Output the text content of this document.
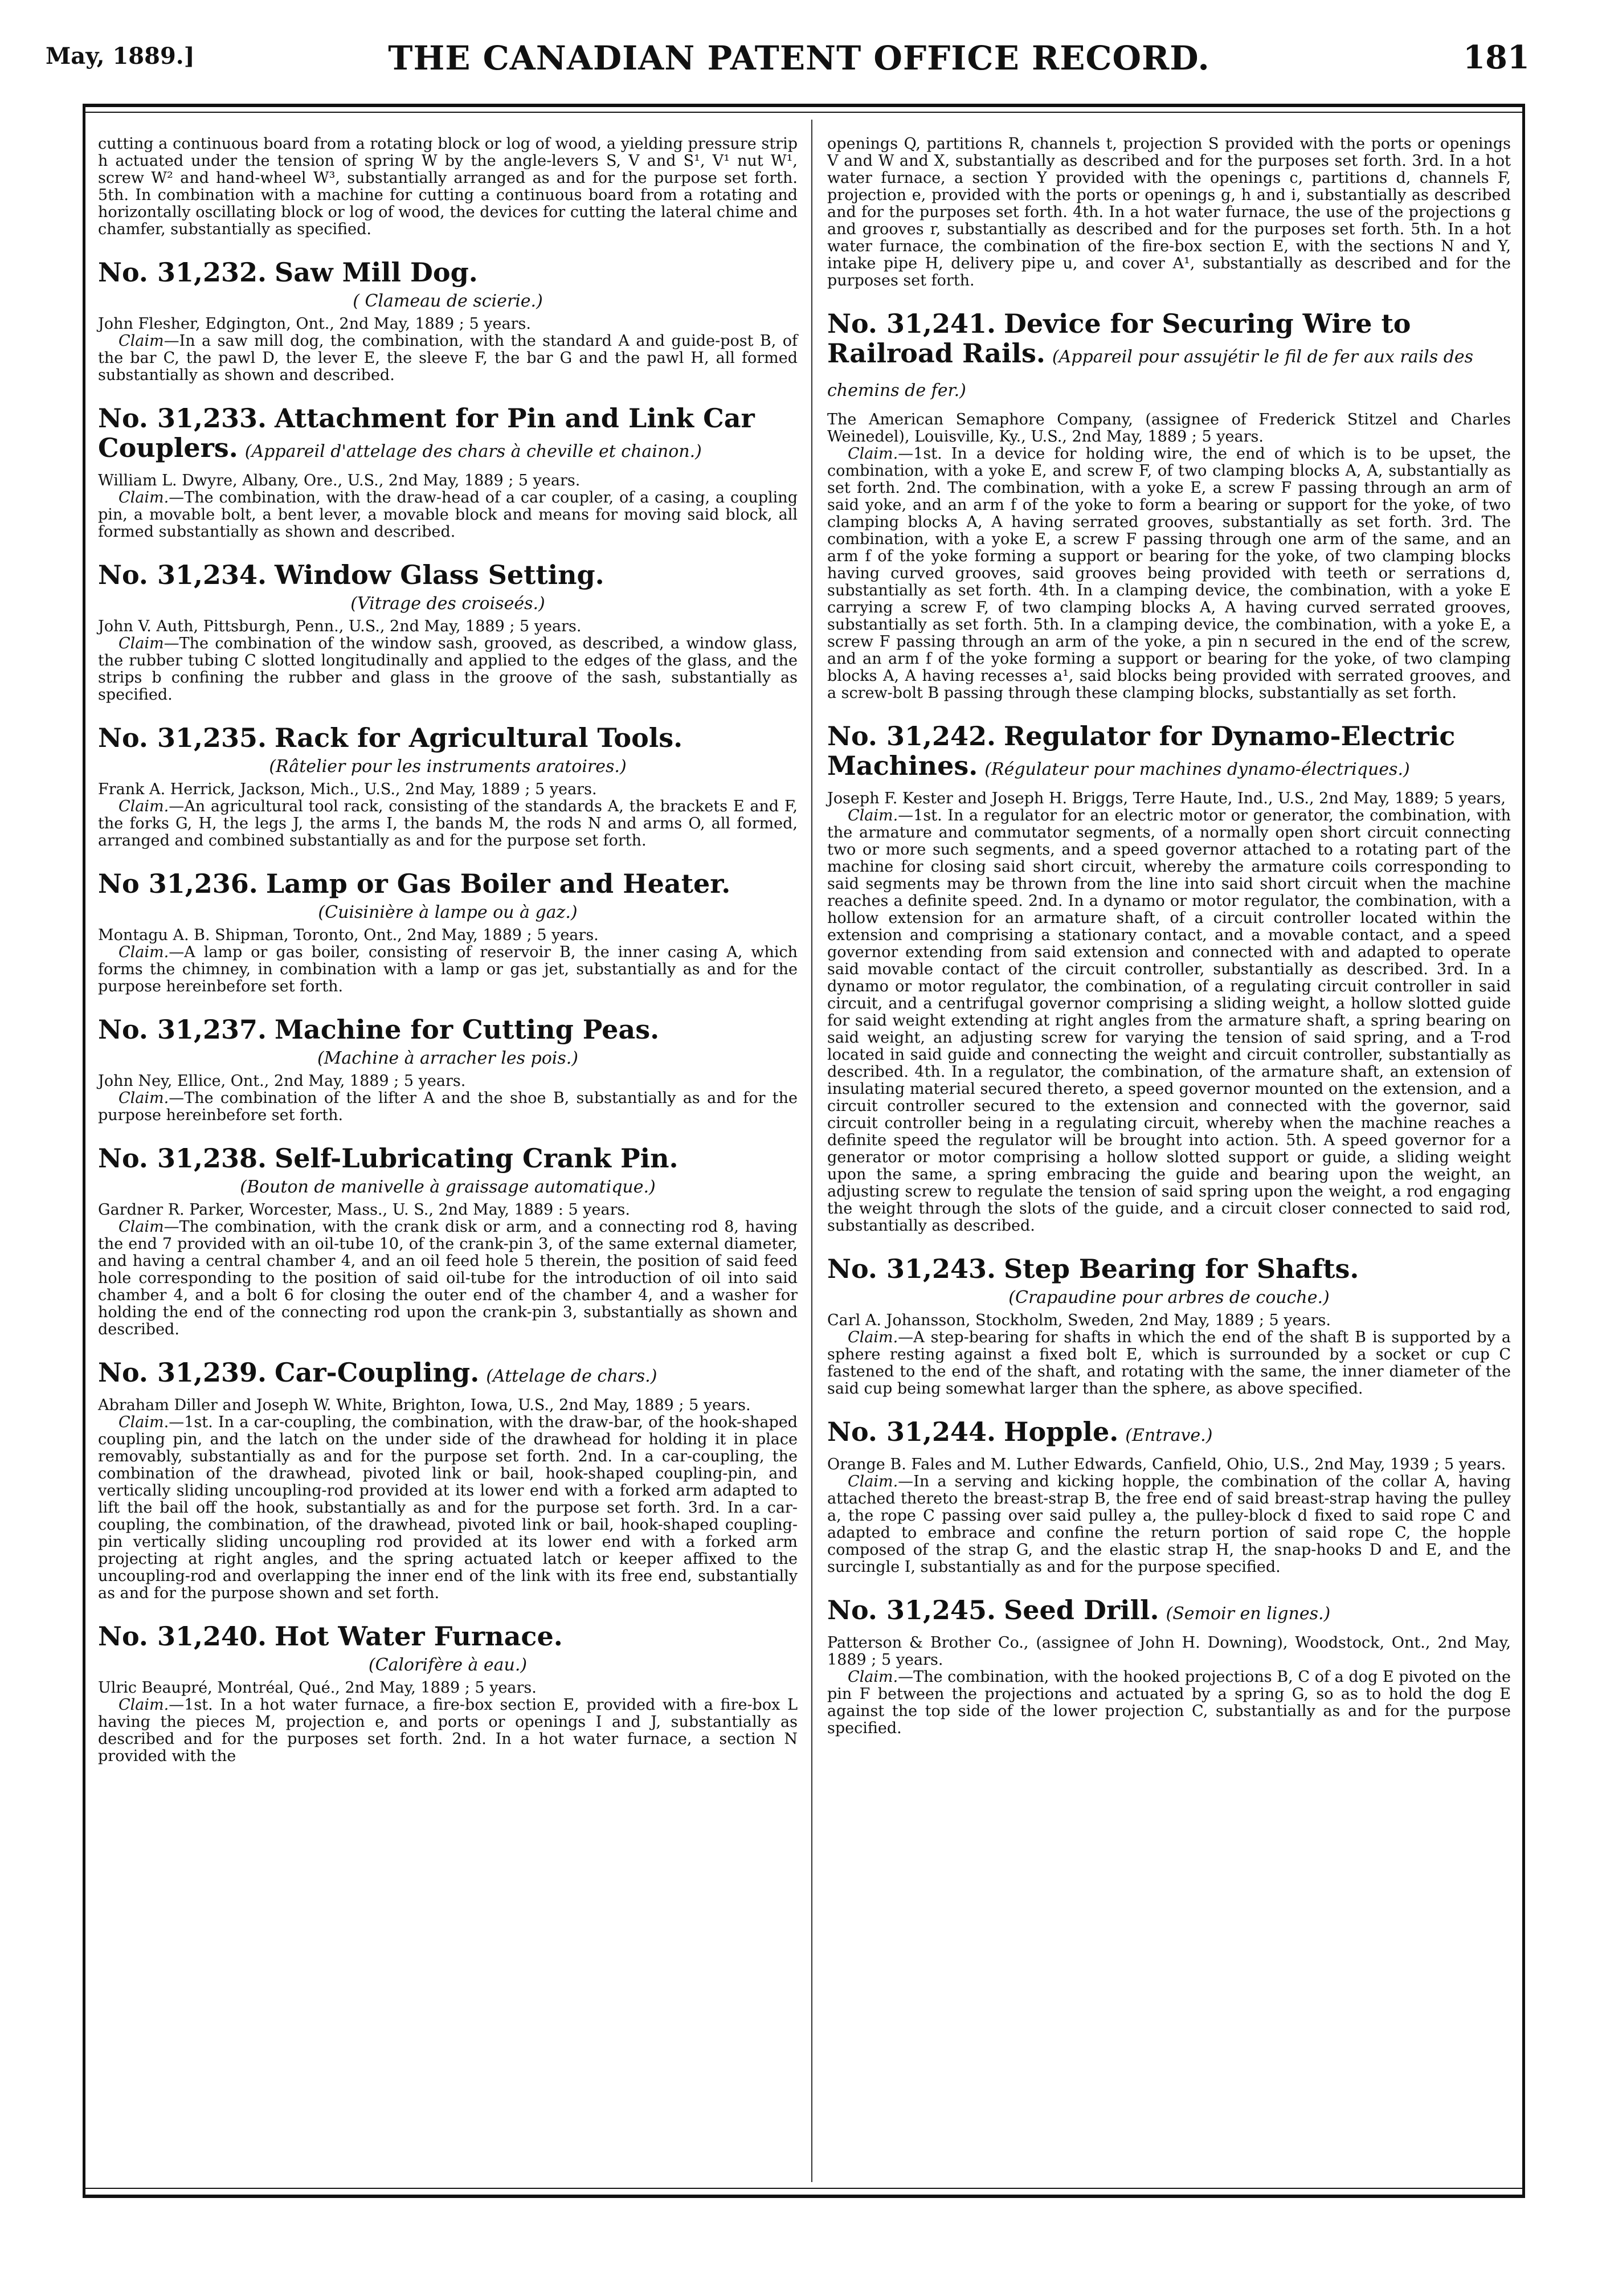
May, 1889.]	THE CANADIAN PATENT OFFICE RECORD.	181

cutting a continuous board from a rotating block or log of wood, a yielding pressure strip h actuated under the tension of spring W by the angle-levers S, V and S¹, V¹ nut W¹, screw W² and hand-wheel W³, substantially arranged as and for the purpose set forth. 5th. In combination with a machine for cutting a continuous board from a rotating and horizontally oscillating block or log of wood, the devices for cutting the lateral chime and chamfer, substantially as specified.

No. 31,232. Saw Mill Dog.
( Clameau de scierie.)

John Flesher, Edgington, Ont., 2nd May, 1889 ; 5 years.

Claim—In a saw mill dog, the combination, with the standard A and guide-post B, of the bar C, the pawl D, the lever E, the sleeve F, the bar G and the pawl H, all formed substantially as shown and described.

No. 31,233. Attachment for Pin and Link Car Couplers. (Appareil d'attelage des chars à cheville et chainon.)

William L. Dwyre, Albany, Ore., U.S., 2nd May, 1889 ; 5 years.

Claim.—The combination, with the draw-head of a car coupler, of a casing, a coupling pin, a movable bolt, a bent lever, a movable block and means for moving said block, all formed substantially as shown and described.

No. 31,234. Window Glass Setting.
(Vitrage des croiseés.)

John V. Auth, Pittsburgh, Penn., U.S., 2nd May, 1889 ; 5 years.

Claim—The combination of the window sash, grooved, as described, a window glass, the rubber tubing C slotted longitudinally and applied to the edges of the glass, and the strips b confining the rubber and glass in the groove of the sash, substantially as specified.

No. 31,235. Rack for Agricultural Tools.
(Râtelier pour les instruments aratoires.)

Frank A. Herrick, Jackson, Mich., U.S., 2nd May, 1889 ; 5 years.

Claim.—An agricultural tool rack, consisting of the standards A, the brackets E and F, the forks G, H, the legs J, the arms I, the bands M, the rods N and arms O, all formed, arranged and combined substantially as and for the purpose set forth.

No 31,236. Lamp or Gas Boiler and Heater.
(Cuisinière à lampe ou à gaz.)

Montagu A. B. Shipman, Toronto, Ont., 2nd May, 1889 ; 5 years.

Claim.—A lamp or gas boiler, consisting of reservoir B, the inner casing A, which forms the chimney, in combination with a lamp or gas jet, substantially as and for the purpose hereinbefore set forth.

No. 31,237. Machine for Cutting Peas.
(Machine à arracher les pois.)

John Ney, Ellice, Ont., 2nd May, 1889 ; 5 years.

Claim.—The combination of the lifter A and the shoe B, substantially as and for the purpose hereinbefore set forth.

No. 31,238. Self-Lubricating Crank Pin.
(Bouton de manivelle à graissage automatique.)

Gardner R. Parker, Worcester, Mass., U. S., 2nd May, 1889 : 5 years.

Claim—The combination, with the crank disk or arm, and a connecting rod 8, having the end 7 provided with an oil-tube 10, of the crank-pin 3, of the same external diameter, and having a central chamber 4, and an oil feed hole 5 therein, the position of said feed hole corresponding to the position of said oil-tube for the introduction of oil into said chamber 4, and a bolt 6 for closing the outer end of the chamber 4, and a washer for holding the end of the connecting rod upon the crank-pin 3, substantially as shown and described.

No. 31,239. Car-Coupling. (Attelage de chars.)

Abraham Diller and Joseph W. White, Brighton, Iowa, U.S., 2nd May, 1889 ; 5 years.

Claim.—1st. In a car-coupling, the combination, with the draw-bar, of the hook-shaped coupling pin, and the latch on the under side of the drawhead for holding it in place removably, substantially as and for the purpose set forth. 2nd. In a car-coupling, the combination of the drawhead, pivoted link or bail, hook-shaped coupling-pin, and vertically sliding uncoupling-rod provided at its lower end with a forked arm adapted to lift the bail off the hook, substantially as and for the purpose set forth. 3rd. In a car-coupling, the combination, of the drawhead, pivoted link or bail, hook-shaped coupling-pin vertically sliding uncoupling rod provided at its lower end with a forked arm projecting at right angles, and the spring actuated latch or keeper affixed to the uncoupling-rod and overlapping the inner end of the link with its free end, substantially as and for the purpose shown and set forth.

No. 31,240. Hot Water Furnace.
(Calorifère à eau.)

Ulric Beaupré, Montréal, Qué., 2nd May, 1889 ; 5 years.

Claim.—1st. In a hot water furnace, a fire-box section E, provided with a fire-box L having the pieces M, projection e, and ports or openings I and J, substantially as described and for the purposes set forth. 2nd. In a hot water furnace, a section N provided with the

openings Q, partitions R, channels t, projection S provided with the ports or openings V and W and X, substantially as described and for the purposes set forth. 3rd. In a hot water furnace, a section Y provided with the openings c, partitions d, channels F, projection e, provided with the ports or openings g, h and i, substantially as described and for the purposes set forth. 4th. In a hot water furnace, the use of the projections g and grooves r, substantially as described and for the purposes set forth. 5th. In a hot water furnace, the combination of the fire-box section E, with the sections N and Y, intake pipe H, delivery pipe u, and cover A¹, substantially as described and for the purposes set forth.

No. 31,241. Device for Securing Wire to Railroad Rails. (Appareil pour assujétir le fil de fer aux rails des chemins de fer.)

The American Semaphore Company, (assignee of Frederick Stitzel and Charles Weinedel), Louisville, Ky., U.S., 2nd May, 1889 ; 5 years.

Claim.—1st. In a device for holding wire, the end of which is to be upset, the combination, with a yoke E, and screw F, of two clamping blocks A, A, substantially as set forth. 2nd. The combination, with a yoke E, a screw F passing through an arm of said yoke, and an arm f of the yoke to form a bearing or support for the yoke, of two clamping blocks A, A having serrated grooves, substantially as set forth. 3rd. The combination, with a yoke E, a screw F passing through one arm of the same, and an arm f of the yoke forming a support or bearing for the yoke, of two clamping blocks having curved grooves, said grooves being provided with teeth or serrations d, substantially as set forth. 4th. In a clamping device, the combination, with a yoke E carrying a screw F, of two clamping blocks A, A having curved serrated grooves, substantially as set forth. 5th. In a clamping device, the combination, with a yoke E, a screw F passing through an arm of the yoke, a pin n secured in the end of the screw, and an arm f of the yoke forming a support or bearing for the yoke, of two clamping blocks A, A having recesses a¹, said blocks being provided with serrated grooves, and a screw-bolt B passing through these clamping blocks, substantially as set forth.

No. 31,242. Regulator for Dynamo-Electric Machines. (Régulateur pour machines dynamo-électriques.)

Joseph F. Kester and Joseph H. Briggs, Terre Haute, Ind., U.S., 2nd May, 1889; 5 years,

Claim.—1st. In a regulator for an electric motor or generator, the combination, with the armature and commutator segments, of a normally open short circuit connecting two or more such segments, and a speed governor attached to a rotating part of the machine for closing said short circuit, whereby the armature coils corresponding to said segments may be thrown from the line into said short circuit when the machine reaches a definite speed. 2nd. In a dynamo or motor regulator, the combination, with a hollow extension for an armature shaft, of a circuit controller located within the extension and comprising a stationary contact, and a movable contact, and a speed governor extending from said extension and connected with and adapted to operate said movable contact of the circuit controller, substantially as described. 3rd. In a dynamo or motor regulator, the combination, of a regulating circuit controller in said circuit, and a centrifugal governor comprising a sliding weight, a hollow slotted guide for said weight extending at right angles from the armature shaft, a spring bearing on said weight, an adjusting screw for varying the tension of said spring, and a T-rod located in said guide and connecting the weight and circuit controller, substantially as described. 4th. In a regulator, the combination, of the armature shaft, an extension of insulating material secured thereto, a speed governor mounted on the extension, and a circuit controller secured to the extension and connected with the governor, said circuit controller being in a regulating circuit, whereby when the machine reaches a definite speed the regulator will be brought into action. 5th. A speed governor for a generator or motor comprising a hollow slotted support or guide, a sliding weight upon the same, a spring embracing the guide and bearing upon the weight, an adjusting screw to regulate the tension of said spring upon the weight, a rod engaging the weight through the slots of the guide, and a circuit closer connected to said rod, substantially as described.

No. 31,243. Step Bearing for Shafts.
(Crapaudine pour arbres de couche.)

Carl A. Johansson, Stockholm, Sweden, 2nd May, 1889 ; 5 years.

Claim.—A step-bearing for shafts in which the end of the shaft B is supported by a sphere resting against a fixed bolt E, which is surrounded by a socket or cup C fastened to the end of the shaft, and rotating with the same, the inner diameter of the said cup being somewhat larger than the sphere, as above specified.

No. 31,244. Hopple. (Entrave.)

Orange B. Fales and M. Luther Edwards, Canfield, Ohio, U.S., 2nd May, 1939 ; 5 years.

Claim.—In a serving and kicking hopple, the combination of the collar A, having attached thereto the breast-strap B, the free end of said breast-strap having the pulley a, the rope C passing over said pulley a, the pulley-block d fixed to said rope C and adapted to embrace and confine the return portion of said rope C, the hopple composed of the strap G, and the elastic strap H, the snap-hooks D and E, and the surcingle I, substantially as and for the purpose specified.

No. 31,245. Seed Drill. (Semoir en lignes.)

Patterson & Brother Co., (assignee of John H. Downing), Woodstock, Ont., 2nd May, 1889 ; 5 years.

Claim.—The combination, with the hooked projections B, C of a dog E pivoted on the pin F between the projections and actuated by a spring G, so as to hold the dog E against the top side of the lower projection C, substantially as and for the purpose specified.
